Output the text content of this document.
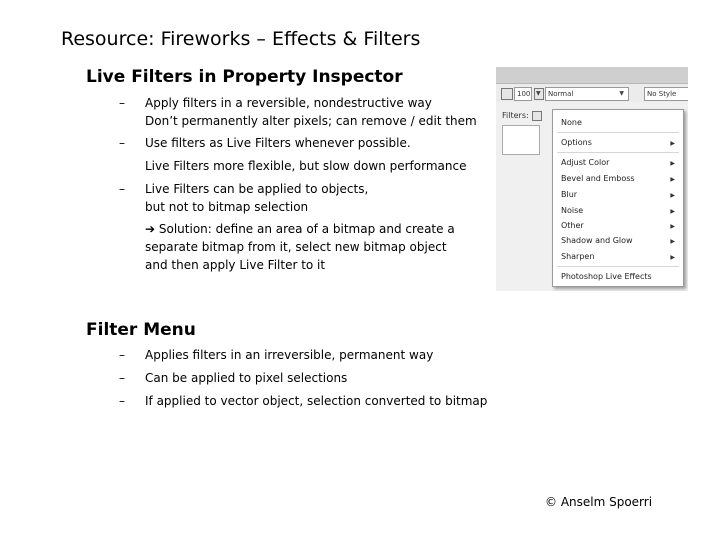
Resource: Fireworks – Effects & Filters
Live Filters in Property Inspector
– Apply filters in a reversible, nondestructive way
Don’t permanently alter pixels; can remove / edit them
– Use filters as Live Filters whenever possible.
Live Filters more flexible, but slow down performance
– Live Filters can be applied to objects,
but not to bitmap selection
➔ Solution: define an area of a bitmap and create a
separate bitmap from it, select new bitmap object
and then apply Live Filter to it
Filter Menu
– Applies filters in an irreversible, permanent way
– Can be applied to pixel selections
– If applied to vector object, selection converted to bitmap
© Anselm Spoerri
100 ▼	Normal	▼	No Style
Filters:
None
Options	▶
Adjust Color	▶
Bevel and Emboss	▶
Blur	▶
Noise	▶
Other	▶
Shadow and Glow	▶
Sharpen	▶
Photoshop Live Effects
